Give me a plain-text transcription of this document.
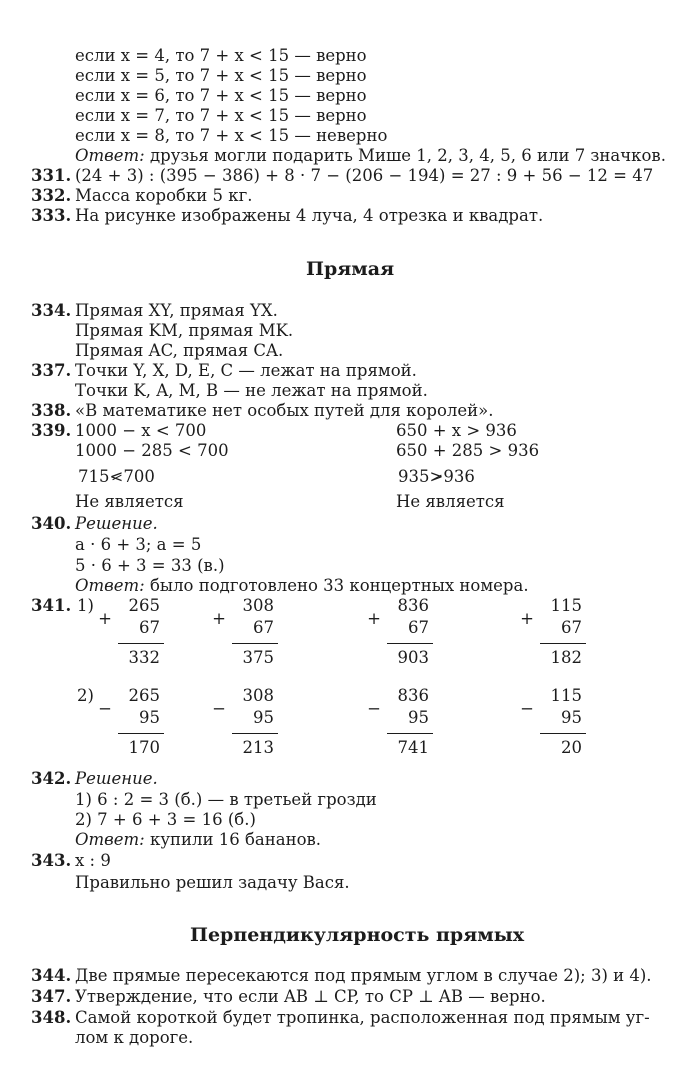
если x = 4, то 7 + x < 15 — верно
если x = 5, то 7 + x < 15 — верно
если x = 6, то 7 + x < 15 — верно
если x = 7, то 7 + x < 15 — верно
если x = 8, то 7 + x < 15 — неверно
Ответ: друзья могли подарить Мише 1, 2, 3, 4, 5, 6 или 7 значков.
331. (24 + 3) : (395 − 386) + 8 · 7 − (206 − 194) = 27 : 9 + 56 − 12 = 47
332. Масса коробки 5 кг.
333. На рисунке изображены 4 луча, 4 отрезка и квадрат.
Прямая
334. Прямая XY, прямая YX.
Прямая KM, прямая MK.
Прямая AC, прямая CA.
337. Точки Y, X, D, E, C — лежат на прямой.
Точки K, A, M, B — не лежат на прямой.
338. «В математике нет особых путей для королей».
339. 1000 − x < 700
1000 − 285 < 700
715<700
Не является
650 + x > 936
650 + 285 > 936
935>936
Не является
340. Решение.
a · 6 + 3; a = 5
5 · 6 + 3 = 33 (в.)
Ответ: было подготовлено 33 концертных номера.
341. 1)
2)
265
+ 67
332
308
+ 67
375
836
+ 67
903
115
+ 67
182
265
− 95
170
308
− 95
213
836
− 95
741
115
− 95
20
342. Решение.
1) 6 : 2 = 3 (б.) — в третьей грозди
2) 7 + 6 + 3 = 16 (б.)
Ответ: купили 16 бананов.
343. x : 9
Правильно решил задачу Вася.
Перпендикулярность прямых
344. Две прямые пересекаются под прямым углом в случае 2); 3) и 4).
347. Утверждение, что если AB ⊥ CP, то CP ⊥ AB — верно.
348. Самой короткой будет тропинка, расположенная под прямым уг-
лом к дороге.
